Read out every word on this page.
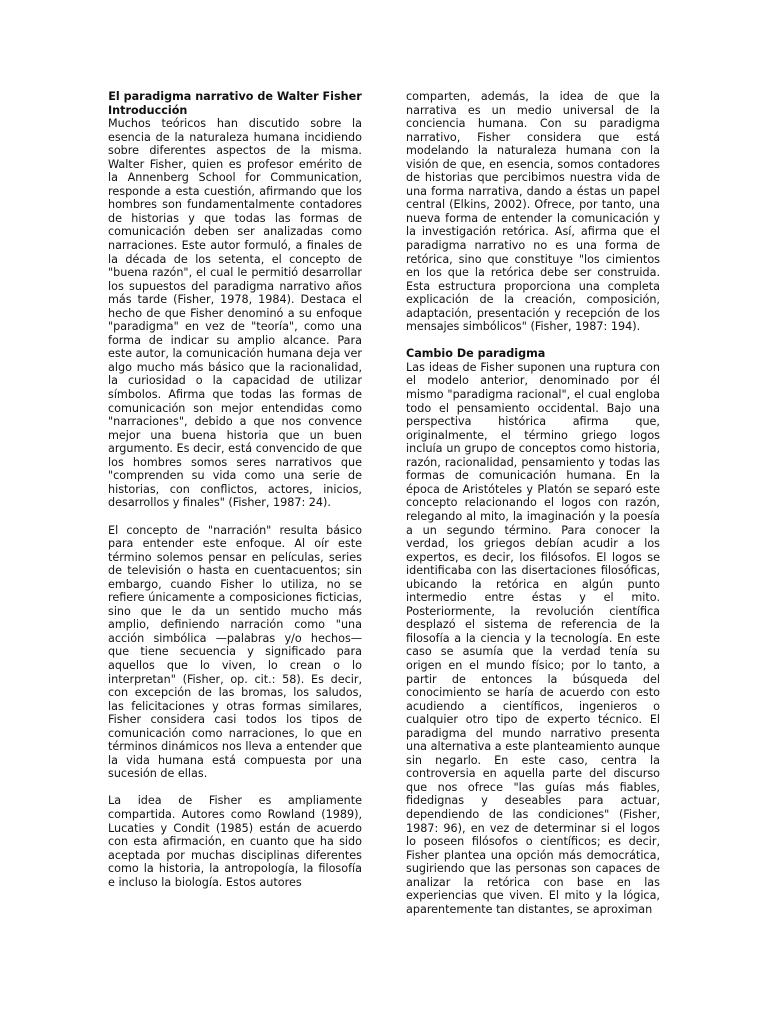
El paradigma narrativo de Walter Fisher
Introducción

Muchos teóricos han discutido sobre la esencia de la naturaleza humana incidiendo sobre diferentes aspectos de la misma. Walter Fisher, quien es profesor emérito de la Annenberg School for Communication, responde a esta cuestión, afirmando que los hombres son fundamentalmente contadores de historias y que todas las formas de comunicación deben ser analizadas como narraciones. Este autor formuló, a finales de la década de los setenta, el concepto de "buena razón", el cual le permitió desarrollar los supuestos del paradigma narrativo años más tarde (Fisher, 1978, 1984). Destaca el hecho de que Fisher denominó a su enfoque "paradigma" en vez de "teoría", como una forma de indicar su amplio alcance. Para este autor, la comunicación humana deja ver algo mucho más básico que la racionalidad, la curiosidad o la capacidad de utilizar símbolos. Afirma que todas las formas de comunicación son mejor entendidas como "narraciones", debido a que nos convence mejor una buena historia que un buen argumento. Es decir, está convencido de que los hombres somos seres narrativos que "comprenden su vida como una serie de historias, con conflictos, actores, inicios, desarrollos y finales" (Fisher, 1987: 24).

El concepto de "narración" resulta básico para entender este enfoque. Al oír este término solemos pensar en películas, series de televisión o hasta en cuentacuentos; sin embargo, cuando Fisher lo utiliza, no se refiere únicamente a composiciones ficticias, sino que le da un sentido mucho más amplio, definiendo narración como "una acción simbólica —palabras y/o hechos— que tiene secuencia y significado para aquellos que lo viven, lo crean o lo interpretan" (Fisher, op. cit.: 58). Es decir, con excepción de las bromas, los saludos, las felicitaciones y otras formas similares, Fisher considera casi todos los tipos de comunicación como narraciones, lo que en términos dinámicos nos lleva a entender que la vida humana está compuesta por una sucesión de ellas.

La idea de Fisher es ampliamente compartida. Autores como Rowland (1989), Lucaties y Condit (1985) están de acuerdo con esta afirmación, en cuanto que ha sido aceptada por muchas disciplinas diferentes como la historia, la antropología, la filosofía e incluso la biología. Estos autores

comparten, además, la idea de que la narrativa es un medio universal de la conciencia humana. Con su paradigma narrativo, Fisher considera que está modelando la naturaleza humana con la visión de que, en esencia, somos contadores de historias que percibimos nuestra vida de una forma narrativa, dando a éstas un papel central (Elkins, 2002). Ofrece, por tanto, una nueva forma de entender la comunicación y la investigación retórica. Así, afirma que el paradigma narrativo no es una forma de retórica, sino que constituye "los cimientos en los que la retórica debe ser construida. Esta estructura proporciona una completa explicación de la creación, composición, adaptación, presentación y recepción de los mensajes simbólicos" (Fisher, 1987: 194).

Cambio De paradigma

Las ideas de Fisher suponen una ruptura con el modelo anterior, denominado por él mismo "paradigma racional", el cual engloba todo el pensamiento occidental. Bajo una perspectiva histórica afirma que, originalmente, el término griego logos incluía un grupo de conceptos como historia, razón, racionalidad, pensamiento y todas las formas de comunicación humana. En la época de Aristóteles y Platón se separó este concepto relacionando el logos con razón, relegando al mito, la imaginación y la poesía a un segundo término. Para conocer la verdad, los griegos debían acudir a los expertos, es decir, los filósofos. El logos se identificaba con las disertaciones filosóficas, ubicando la retórica en algún punto intermedio entre éstas y el mito. Posteriormente, la revolución científica desplazó el sistema de referencia de la filosofía a la ciencia y la tecnología. En este caso se asumía que la verdad tenía su origen en el mundo físico; por lo tanto, a partir de entonces la búsqueda del conocimiento se haría de acuerdo con esto acudiendo a científicos, ingenieros o cualquier otro tipo de experto técnico. El paradigma del mundo narrativo presenta una alternativa a este planteamiento aunque sin negarlo. En este caso, centra la controversia en aquella parte del discurso que nos ofrece "las guías más fiables, fidedignas y deseables para actuar, dependiendo de las condiciones" (Fisher, 1987: 96), en vez de determinar si el logos lo poseen filósofos o científicos; es decir, Fisher plantea una opción más democrática, sugiriendo que las personas son capaces de analizar la retórica con base en las experiencias que viven. El mito y la lógica, aparentemente tan distantes, se aproximan
